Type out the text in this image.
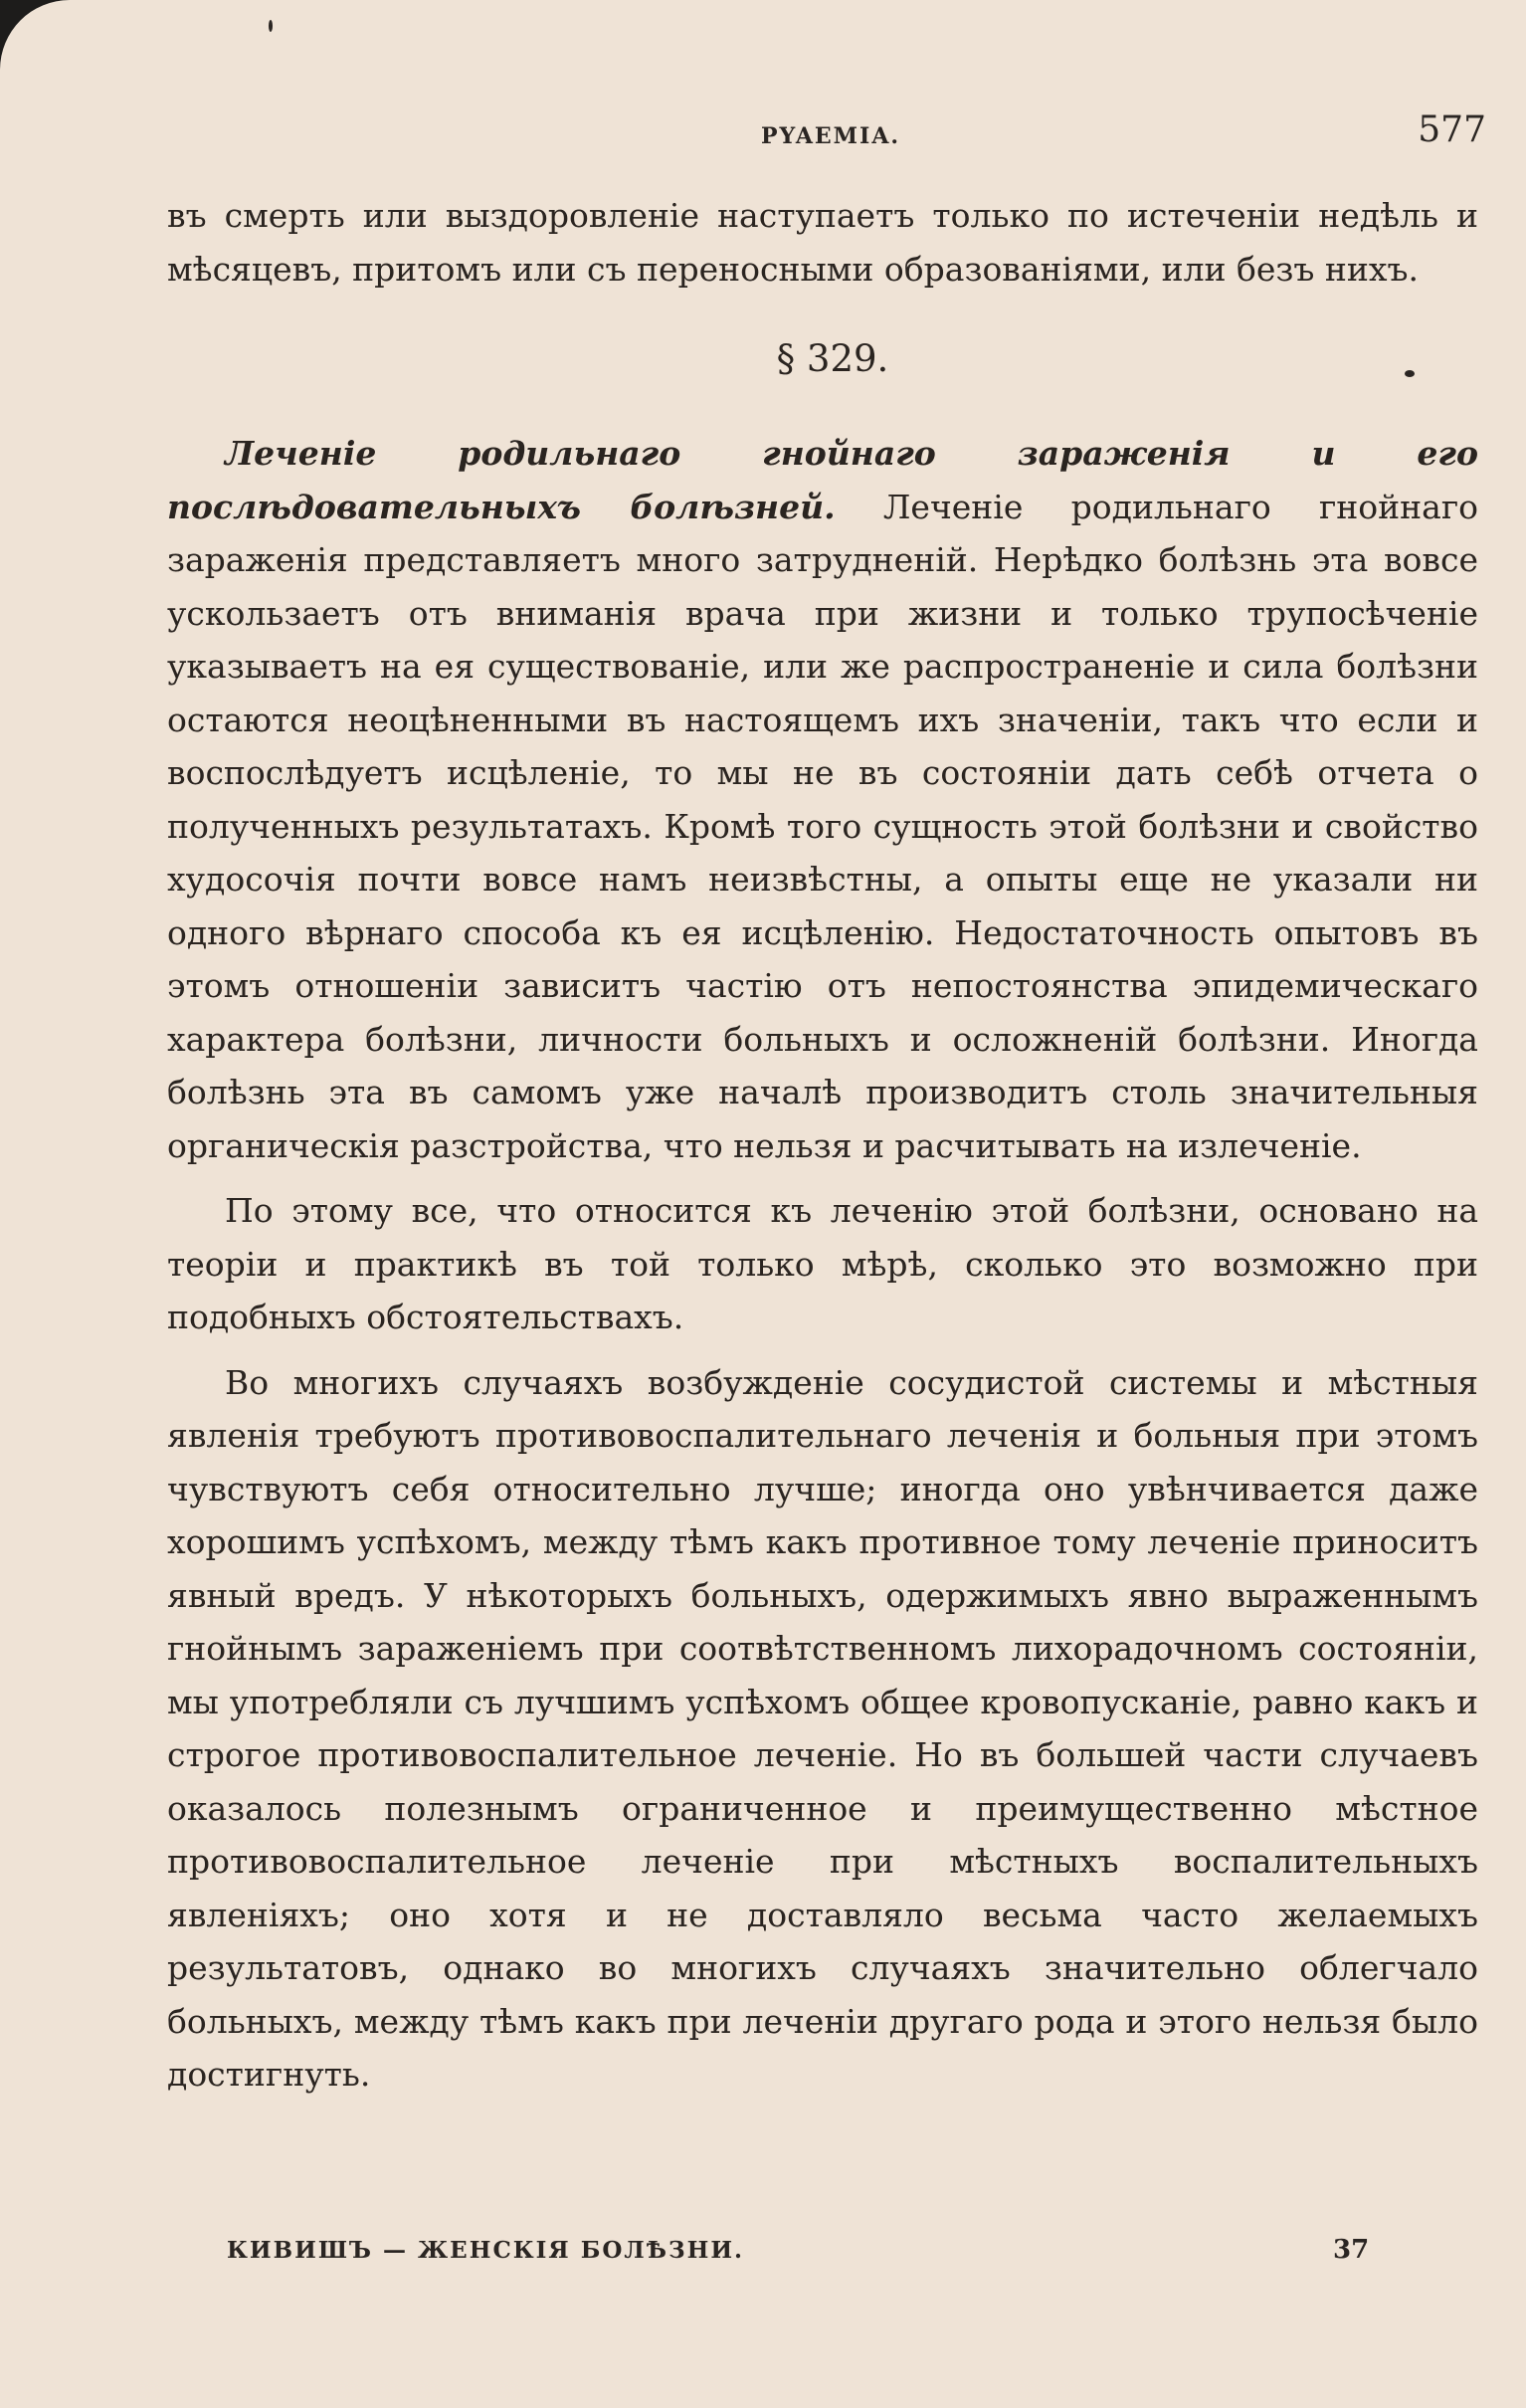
PYAEMIA.	577

въ смерть или выздоровленіе наступаетъ только по истеченіи недѣль и мѣсяцевъ, притомъ или съ переносными образованіями, или безъ нихъ.

§ 329.

Леченіе родильнаго гнойнаго зараженія и его послѣдовательныхъ болѣзней. Леченіе родильнаго гнойнаго зараженія представляетъ много затрудненій. Нерѣдко болѣзнь эта вовсе ускользаетъ отъ вниманія врача при жизни и только трупосѣченіе указываетъ на ея существованіе, или же распространеніе и сила болѣзни остаются неоцѣненными въ настоящемъ ихъ значеніи, такъ что если и воспослѣдуетъ исцѣленіе, то мы не въ состояніи дать себѣ отчета о полученныхъ результатахъ. Кромѣ того сущность этой болѣзни и свойство худосочія почти вовсе намъ неизвѣстны, а опыты еще не указали ни одного вѣрнаго способа къ ея исцѣленію. Недостаточность опытовъ въ этомъ отношеніи зависитъ частію отъ непостоянства эпидемическаго характера болѣзни, личности больныхъ и осложненій болѣзни. Иногда болѣзнь эта въ самомъ уже началѣ производитъ столь значительныя органическія разстройства, что нельзя и расчитывать на излеченіе.

По этому все, что относится къ леченію этой болѣзни, основано на теоріи и практикѣ въ той только мѣрѣ, сколько это возможно при подобныхъ обстоятельствахъ.

Во многихъ случаяхъ возбужденіе сосудистой системы и мѣстныя явленія требуютъ противовоспалительнаго леченія и больныя при этомъ чувствуютъ себя относительно лучше; иногда оно увѣнчивается даже хорошимъ успѣхомъ, между тѣмъ какъ противное тому леченіе приноситъ явный вредъ. У нѣкоторыхъ больныхъ, одержимыхъ явно выраженнымъ гнойнымъ зараженіемъ при соотвѣтственномъ лихорадочномъ состояніи, мы употребляли съ лучшимъ успѣхомъ общее кровопусканіе, равно какъ и строгое противовоспалительное леченіе. Но въ большей части случаевъ оказалось полезнымъ ограниченное и преимущественно мѣстное противовоспалительное леченіе при мѣстныхъ воспалительныхъ явленіяхъ; оно хотя и не доставляло весьма часто желаемыхъ результатовъ, однако во многихъ случаяхъ значительно облегчало больныхъ, между тѣмъ какъ при леченіи другаго рода и этого нельзя было достигнуть.

КИВИШЪ — ЖЕНСКІЯ БОЛѢЗНИ.	37
